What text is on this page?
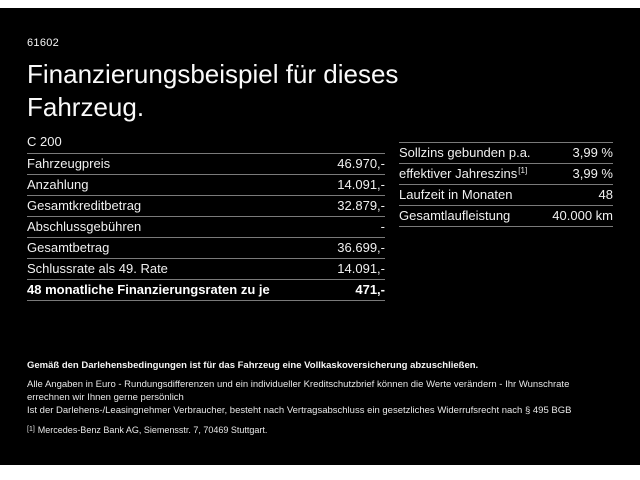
61602
Finanzierungsbeispiel für dieses
Fahrzeug.
C 200
Fahrzeugpreis	46.970,-
Anzahlung	14.091,-
Gesamtkreditbetrag	32.879,-
Abschlussgebühren	-
Gesamtbetrag	36.699,-
Schlussrate als 49. Rate	14.091,-
48 monatliche Finanzierungsraten zu je	471,-
Sollzins gebunden p.a.	3,99 %
effektiver Jahreszins[1]	3,99 %
Laufzeit in Monaten	48
Gesamtlaufleistung	40.000 km
Gemäß den Darlehensbedingungen ist für das Fahrzeug eine Vollkaskoversicherung abzuschließen.
Alle Angaben in Euro - Rundungsdifferenzen und ein individueller Kreditschutzbrief können die Werte verändern - Ihr Wunschrate errechnen wir Ihnen gerne persönlich
Ist der Darlehens-/Leasingnehmer Verbraucher, besteht nach Vertragsabschluss ein gesetzliches Widerrufsrecht nach § 495 BGB
[1] Mercedes-Benz Bank AG, Siemensstr. 7, 70469 Stuttgart.
